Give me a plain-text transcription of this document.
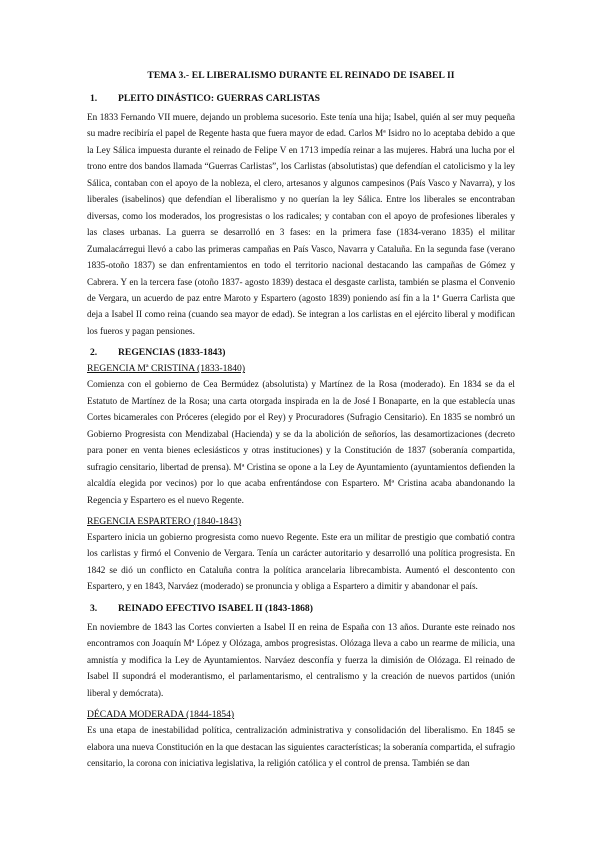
TEMA 3.- EL LIBERALISMO DURANTE EL REINADO DE ISABEL II
1.	PLEITO DINÁSTICO: GUERRAS CARLISTAS

En 1833 Fernando VII muere, dejando un problema sucesorio. Este tenía una hija; Isabel, quién al ser muy pequeña su madre recibiría el papel de Regente hasta que fuera mayor de edad. Carlos Mª Isidro no lo aceptaba debido a que la Ley Sálica impuesta durante el reinado de Felipe V en 1713 impedía reinar a las mujeres. Habrá una lucha por el trono entre dos bandos llamada “Guerras Carlistas”, los Carlistas (absolutistas) que defendían el catolicismo y la ley Sálica, contaban con el apoyo de la nobleza, el clero, artesanos y algunos campesinos (País Vasco y Navarra), y los liberales (isabelinos) que defendían el liberalismo y no querían la ley Sálica. Entre los liberales se encontraban diversas, como los moderados, los progresistas o los radicales; y contaban con el apoyo de profesiones liberales y las clases urbanas. La guerra se desarrolló en 3 fases: en la primera fase (1834-verano 1835) el militar Zumalacárregui llevó a cabo las primeras campañas en País Vasco, Navarra y Cataluña. En la segunda fase (verano 1835-otoño 1837) se dan enfrentamientos en todo el territorio nacional destacando las campañas de Gómez y Cabrera. Y en la tercera fase (otoño 1837- agosto 1839) destaca el desgaste carlista, también se plasma el Convenio de Vergara, un acuerdo de paz entre Maroto y Espartero (agosto 1839) poniendo así fin a la 1ª Guerra Carlista que deja a Isabel II como reina (cuando sea mayor de edad). Se integran a los carlistas en el ejército liberal y modifican los fueros y pagan pensiones.

2.	REGENCIAS (1833-1843)
REGENCIA Mª CRISTINA (1833-1840)

Comienza con el gobierno de Cea Bermúdez (absolutista) y Martínez de la Rosa (moderado). En 1834 se da el Estatuto de Martínez de la Rosa; una carta otorgada inspirada en la de José I Bonaparte, en la que establecía unas Cortes bicamerales con Próceres (elegido por el Rey) y Procuradores (Sufragio Censitario). En 1835 se nombró un Gobierno Progresista con Mendizabal (Hacienda) y se da la abolición de señoríos, las desamortizaciones (decreto para poner en venta bienes eclesiásticos y otras instituciones) y la Constitución de 1837 (soberanía compartida, sufragio censitario, libertad de prensa). Mª Cristina se opone a la Ley de Ayuntamiento (ayuntamientos defienden la alcaldía elegida por vecinos) por lo que acaba enfrentándose con Espartero. Mª Cristina acaba abandonando la Regencia y Espartero es el nuevo Regente.

REGENCIA ESPARTERO (1840-1843)

Espartero inicia un gobierno progresista como nuevo Regente. Este era un militar de prestigio que combatió contra los carlistas y firmó el Convenio de Vergara. Tenía un carácter autoritario y desarrolló una política progresista. En 1842 se dió un conflicto en Cataluña contra la política arancelaria librecambista. Aumentó el descontento con Espartero, y en 1843, Narváez (moderado) se pronuncia y obliga a Espartero a dimitir y abandonar el país.

3.	REINADO EFECTIVO ISABEL II (1843-1868)

En noviembre de 1843 las Cortes convierten a Isabel II en reina de España con 13 años. Durante este reinado nos encontramos con Joaquín Mª López y Olózaga, ambos progresistas. Olózaga lleva a cabo un rearme de milicia, una amnistía y modifica la Ley de Ayuntamientos. Narváez desconfía y fuerza la dimisión de Olózaga. El reinado de Isabel II supondrá el moderantismo, el parlamentarismo, el centralismo y la creación de nuevos partidos (unión liberal y demócrata).

DÉCADA MODERADA (1844-1854)

Es una etapa de inestabilidad política, centralización administrativa y consolidación del liberalismo. En 1845 se elabora una nueva Constitución en la que destacan las siguientes características; la soberanía compartida, el sufragio censitario, la corona con iniciativa legislativa, la religión católica y el control de prensa. También se dan
